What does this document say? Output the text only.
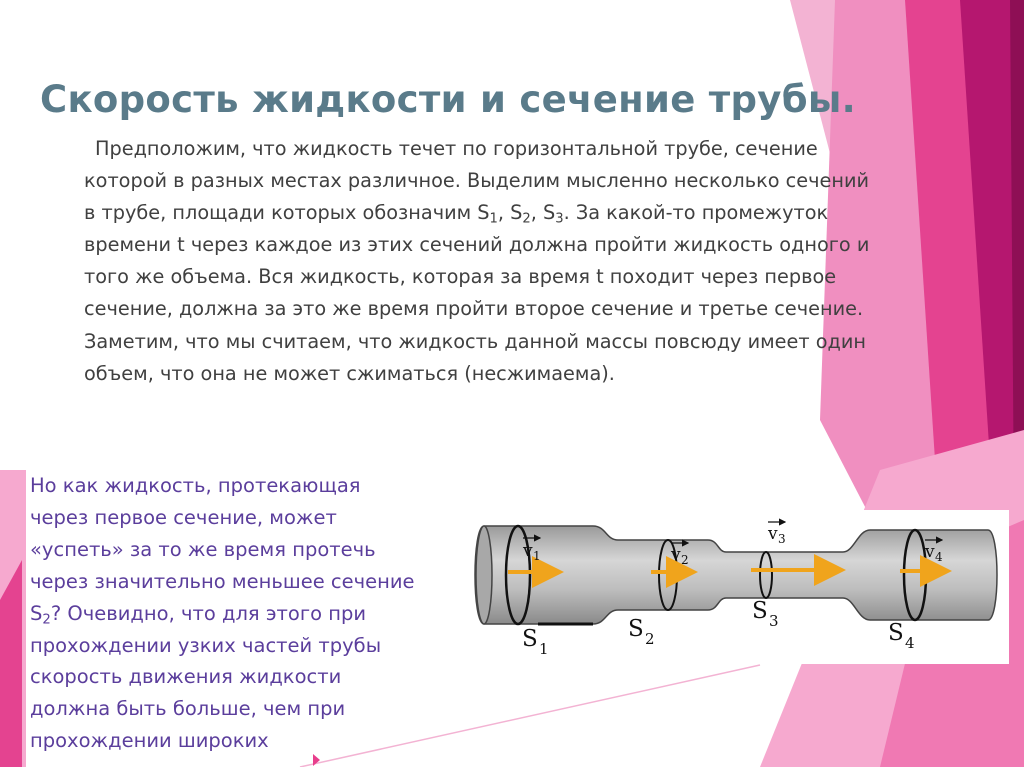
Скорость жидкости и сечение трубы.

Предположим, что жидкость течет по горизонтальной трубе, сечение которой в разных местах различное. Выделим мысленно несколько сечений в трубе, площади которых обозначим $S_1$, $S_2$, $S_3$. За какой-то промежуток времени t через каждое из этих сечений должна пройти жидкость одного и того же объема. Вся жидкость, которая за время t походит через первое сечение, должна за это же время пройти второе сечение и третье сечение. Заметим, что мы считаем, что жидкость данной массы повсюду имеет один объем, что она не может сжиматься (несжимаема).

Но как жидкость, протекающая через первое сечение, может «успеть» за то же время протечь через значительно меньшее сечение $S_2$? Очевидно, что для этого при прохождении узких частей трубы скорость движения жидкости должна быть больше, чем при прохождении широких

v 1	v 2
v 3
v 4
S 1
S 2
S 3	S 4
